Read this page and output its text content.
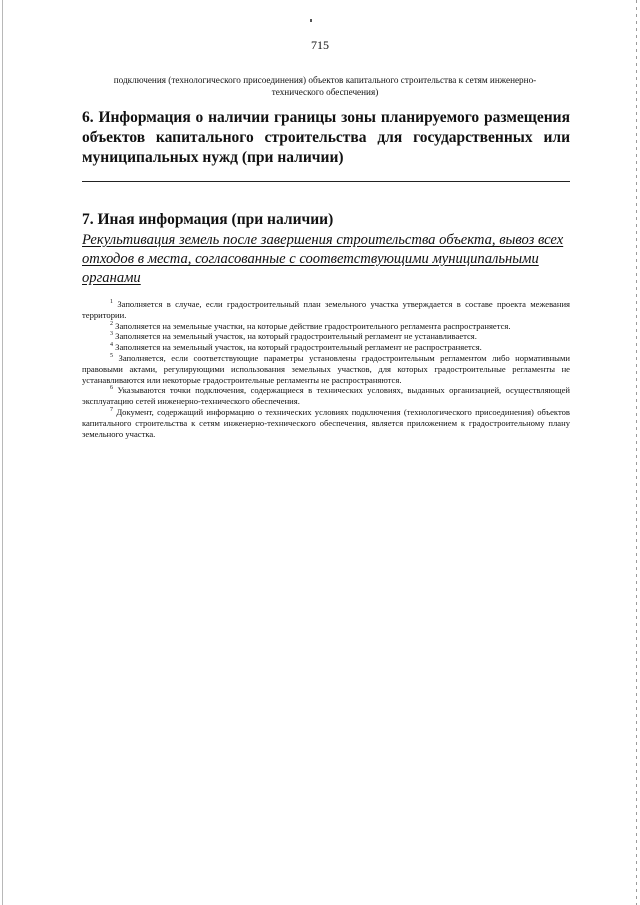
715
подключения (технологического присоединения) объектов капитального строительства к сетям инженерно-технического обеспечения)
6. Информация о наличии границы зоны планируемого размещения объектов капитального строительства для государственных или муниципальных нужд (при наличии)
7. Иная информация (при наличии)
Рекультивация земель после завершения строительства объекта, вывоз всех отходов в места, согласованные с соответствующими муниципальными органами

$^1$ Заполняется в случае, если градостроительный план земельного участка утверждается в составе проекта межевания территории.

$^2$ Заполняется на земельные участки, на которые действие градостроительного регламента распространяется.

$^3$ Заполняется на земельный участок, на который градостроительный регламент не устанавливается.

$^4$ Заполняется на земельный участок, на который градостроительный регламент не распространяется.

$^5$ Заполняется, если соответствующие параметры установлены градостроительным регламентом либо нормативными правовыми актами, регулирующими использования земельных участков, для которых градостроительные регламенты не устанавливаются или некоторые градостроительные регламенты не распространяются.

$^6$ Указываются точки подключения, содержащиеся в технических условиях, выданных организацией, осуществляющей эксплуатацию сетей инженерно-технического обеспечения.

$^7$ Документ, содержащий информацию о технических условиях подключения (технологического присоединения) объектов капитального строительства к сетям инженерно-технического обеспечения, является приложением к градостроительному плану земельного участка.
